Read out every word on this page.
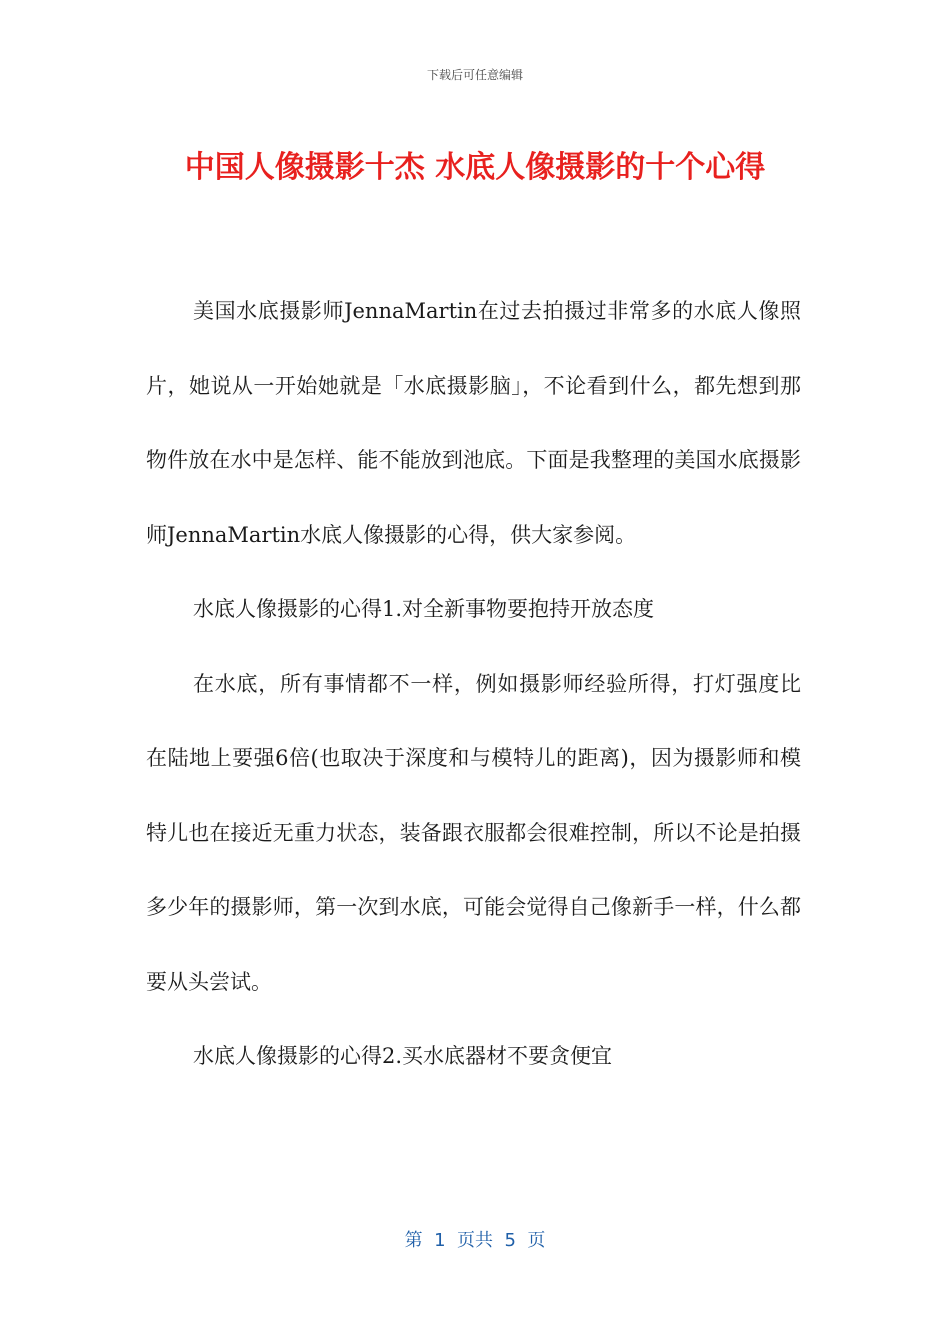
下载后可任意编辑
中国人像摄影十杰 水底人像摄影的十个心得

美国水底摄影师JennaMartin在过去拍摄过非常多的水底人像照片，她说从一开始她就是「水底摄影脑」，不论看到什么，都先想到那物件放在水中是怎样、能不能放到池底。下面是我整理的美国水底摄影师JennaMartin水底人像摄影的心得，供大家参阅。

水底人像摄影的心得1.对全新事物要抱持开放态度

在水底，所有事情都不一样，例如摄影师经验所得，打灯强度比在陆地上要强6倍(也取决于深度和与模特儿的距离)，因为摄影师和模特儿也在接近无重力状态，装备跟衣服都会很难控制，所以不论是拍摄多少年的摄影师，第一次到水底，可能会觉得自己像新手一样，什么都要从头尝试。

水底人像摄影的心得2.买水底器材不要贪便宜

第  1  页共  5  页
